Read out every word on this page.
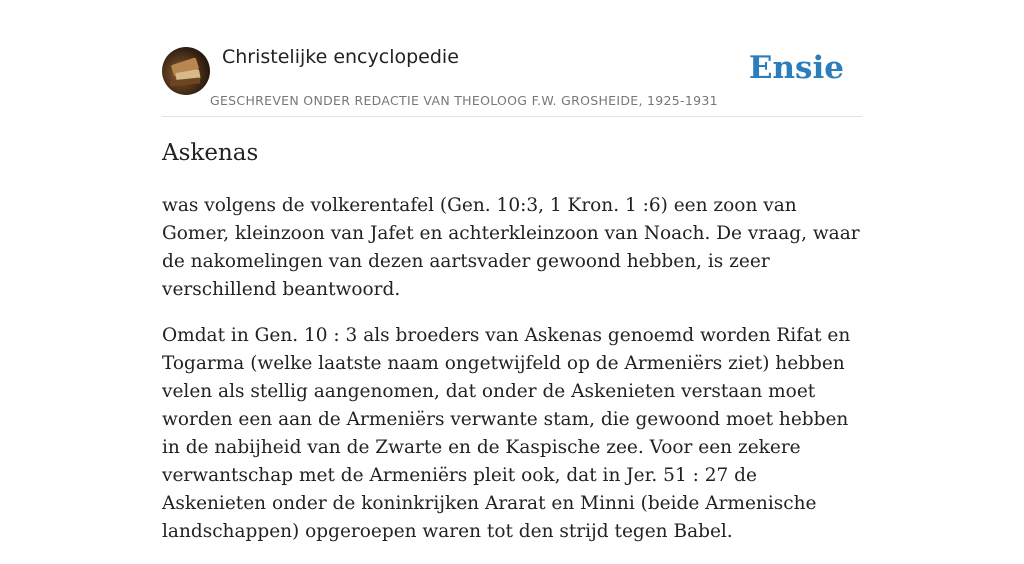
Christelijke encyclopedie
GESCHREVEN ONDER REDACTIE VAN THEOLOOG F.W. GROSHEIDE, 1925-1931
Ensie
Askenas

was volgens de volkerentafel (Gen. 10:3, 1 Kron. 1 :6) een zoon van Gomer, kleinzoon van Jafet en achterkleinzoon van Noach. De vraag, waar de nakomelingen van dezen aartsvader gewoond hebben, is zeer verschillend beantwoord.

Omdat in Gen. 10 : 3 als broeders van Askenas genoemd worden Rifat en Togarma (welke laatste naam ongetwijfeld op de Armeniërs ziet) hebben velen als stellig aangenomen, dat onder de Askenieten verstaan moet worden een aan de Armeniërs verwante stam, die gewoond moet hebben in de nabijheid van de Zwarte en de Kaspische zee. Voor een zekere verwantschap met de Armeniërs pleit ook, dat in Jer. 51 : 27 de Askenieten onder de koninkrijken Ararat en Minni (beide Armenische landschappen) opgeroepen waren tot den strijd tegen Babel.
